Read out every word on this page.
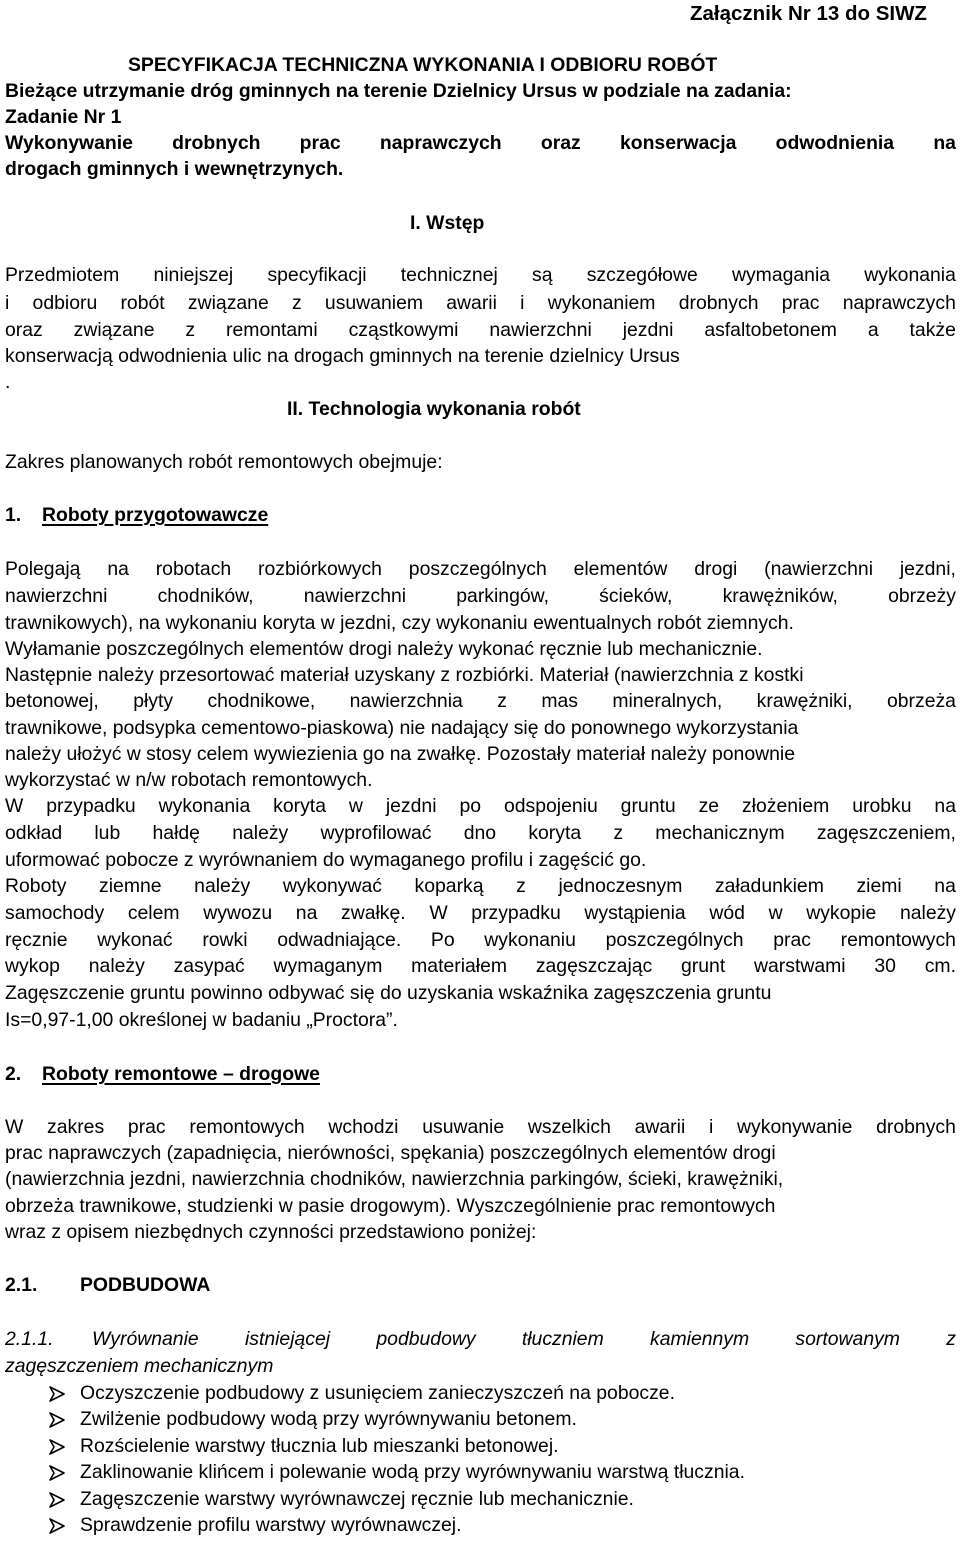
Załącznik Nr 13 do SIWZ
SPECYFIKACJA TECHNICZNA WYKONANIA I ODBIORU ROBÓT
Bieżące utrzymanie dróg gminnych na terenie Dzielnicy Ursus w podziale na zadania:
Zadanie Nr 1
Wykonywanie drobnych prac naprawczych oraz konserwacja odwodnienia na
drogach gminnych i wewnętrzynych.
I. Wstęp
Przedmiotem niniejszej specyfikacji technicznej są szczegółowe wymagania wykonania
i odbioru robót związane z usuwaniem awarii i wykonaniem drobnych prac naprawczych
oraz związane z remontami cząstkowymi nawierzchni jezdni asfaltobetonem a także
konserwacją odwodnienia ulic na drogach gminnych na terenie dzielnicy Ursus
.
II. Technologia wykonania robót
Zakres planowanych robót remontowych obejmuje:
1. Roboty przygotowawcze
Polegają na robotach rozbiórkowych poszczególnych elementów drogi (nawierzchni jezdni,
nawierzchni	chodników,	nawierzchni	parkingów,	ścieków,	krawężników,	obrzeży
trawnikowych), na wykonaniu koryta w jezdni, czy wykonaniu ewentualnych robót ziemnych.
Wyłamanie poszczególnych elementów drogi należy wykonać ręcznie lub mechanicznie.
Następnie należy przesortować materiał uzyskany z rozbiórki. Materiał (nawierzchnia z kostki
betonowej, płyty chodnikowe, nawierzchnia z mas mineralnych, krawężniki, obrzeża
trawnikowe, podsypka cementowo-piaskowa) nie nadający się do ponownego wykorzystania
należy ułożyć w stosy celem wywiezienia go na zwałkę. Pozostały materiał należy ponownie
wykorzystać w n/w robotach remontowych.
W przypadku wykonania koryta w jezdni po odspojeniu gruntu ze złożeniem urobku na
odkład lub hałdę należy wyprofilować dno koryta z mechanicznym zagęszczeniem,
uformować pobocze z wyrównaniem do wymaganego profilu i zagęścić go.
Roboty ziemne należy wykonywać koparką z jednoczesnym załadunkiem ziemi na
samochody celem wywozu na zwałkę. W przypadku wystąpienia wód w wykopie należy
ręcznie wykonać rowki odwadniające. Po wykonaniu poszczególnych prac remontowych
wykop należy zasypać wymaganym materiałem zagęszczając grunt warstwami 30 cm.
Zagęszczenie gruntu powinno odbywać się do uzyskania wskaźnika zagęszczenia gruntu
Is=0,97-1,00 określonej w badaniu „Proctora”.
2. Roboty remontowe – drogowe
W zakres prac remontowych wchodzi usuwanie wszelkich awarii i wykonywanie drobnych
prac naprawczych (zapadnięcia, nierówności, spękania) poszczególnych elementów drogi
(nawierzchnia jezdni, nawierzchnia chodników, nawierzchnia parkingów, ścieki, krawężniki,
obrzeża trawnikowe, studzienki w pasie drogowym). Wyszczególnienie prac remontowych
wraz z opisem niezbędnych czynności przedstawiono poniżej:
2.1. PODBUDOWA
2.1.1. Wyrównanie istniejącej podbudowy tłuczniem kamiennym sortowanym z
zagęszczeniem mechanicznym
Oczyszczenie podbudowy z usunięciem zanieczyszczeń na pobocze.
Zwilżenie podbudowy wodą przy wyrównywaniu betonem.
Rozścielenie warstwy tłucznia lub mieszanki betonowej.
Zaklinowanie klińcem i polewanie wodą przy wyrównywaniu warstwą tłucznia.
Zagęszczenie warstwy wyrównawczej ręcznie lub mechanicznie.
Sprawdzenie profilu warstwy wyrównawczej.
